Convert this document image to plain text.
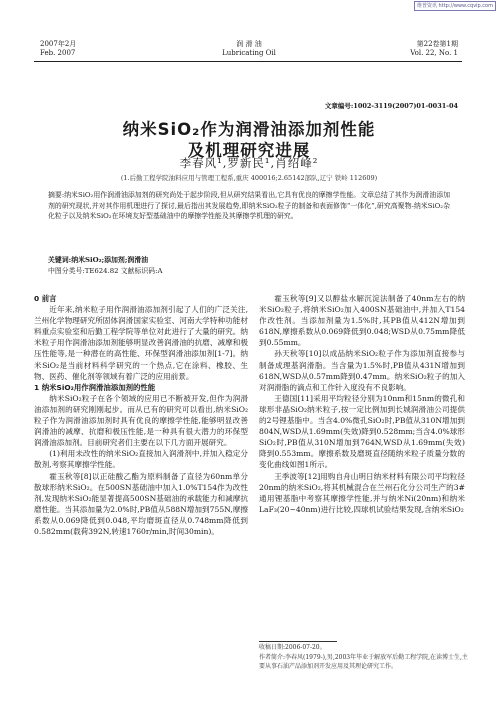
维普资讯 http://www.cqvip.com
2007年2月
Feb. 2007
润 滑 油
Lubricating Oil
第22卷第1期
Vol. 22, No. 1
文章编号:1002-3119(2007)01-0031-04
纳米SiO₂作为润滑油添加剂性能
及机理研究进展
李春风¹,罗新民¹,肖绍峰²
(1.后勤工程学院油料应用与管理工程系,重庆 400016;2.65142部队,辽宁 铁岭 112609)
摘要:纳米SiO₂用作润滑油添加剂的研究尚处于起步阶段,但从研究结果看出,它具有优良的摩擦学性能。文章总结了其作为润滑油添加剂的研究现状,并对其作用机理进行了探讨,最后指出其发展趋势,即纳米SiO₂粒子的制备和表面修饰“一体化”,研究高聚物-纳米SiO₂杂化粒子以及纳米SiO₂在环境友好型基础油中的摩擦学性能及其摩擦学机理的研究。
关键词:纳米SiO₂;添加剂;润滑油
中图分类号:TE624.82 文献标识码:A

0 前言

近年来,纳米粒子用作润滑油添加剂引起了人们的广泛关注,兰州化学物理研究所固体润滑国家实验室、河南大学特种功能材料重点实验室和后勤工程学院等单位对此进行了大量的研究。纳米粒子用作润滑油添加剂能够明显改善润滑油的抗磨、减摩和极压性能等,是一种潜在的高性能、环保型润滑油添加剂[1-7]。纳米SiO₂是当前材料科学研究的一个热点,它在涂料、橡胶、生物、医药、催化剂等领域有着广泛的应用前景。

1 纳米SiO₂用作润滑油添加剂的性能

纳米SiO₂粒子在各个领域的应用已不断被开发,但作为润滑油添加剂的研究刚刚起步。而从已有的研究可以看出,纳米SiO₂粒子作为润滑油添加剂时具有优良的摩擦学性能,能够明显改善润滑油的减摩、抗磨和极压性能,是一种具有很大潜力的环保型润滑油添加剂。目前研究者们主要在以下几方面开展研究。

(1)利用未改性的纳米SiO₂直接加入润滑剂中,并加入稳定分散剂,考察其摩擦学性能。

霍玉秋等[8]以正硅酸乙酯为原料制备了直径为60nm单分散球形纳米SiO₂。在500SN基础油中加入1.0%T154作为改性剂,发现纳米SiO₂能显著提高500SN基础油的承载能力和减摩抗磨性能。当其添加量为2.0%时,PB值从588N增加到755N,摩擦系数从0.069降低到0.048,平均磨斑直径从0.748mm降低到0.582mm(载荷392N,转速1760r/min,时间30min)。

霍玉秋等[9]又以醇盐水解沉淀法制备了40nm左右的纳米SiO₂粒子,将纳米SiO₂加入400SN基础油中,并加入T154作改性剂。当添加剂量为1.5%时,其PB值从412N增加到618N,摩擦系数从0.069降低到0.048;WSD从0.75mm降低到0.55mm。

孙天秋等[10]以成品纳米SiO₂粒子作为添加剂直接参与制备成理基润滑脂。当含量为1.5%时,PB值从431N增加到618N,WSD从0.57mm降到0.47mm。纳米SiO₂粒子的加入对润滑脂的滴点和工作针入度没有不良影响。

王德国[11]采用平均粒径分别为10nm和15nm的微孔和球形非晶SiO₂纳米粒子,按一定比例加到长城润滑油公司提供的2号锂基脂中。当含4.0%微孔SiO₂时,PB值从310N增加到804N,WSD从1.69mm(失效)降到0.528mm;当含4.0%球形SiO₂时,PB值从310N增加到764N,WSD从1.69mm(失效)降到0.553mm。摩擦系数及磨斑直径随纳米粒子质量分数的变化曲线如图1所示。

王季波等[12]用购自舟山明日纳米材料有限公司平均粒径20nm的纳米SiO₂,将其机械混合在兰州石化分公司生产的3#通用锂基脂中考察其摩擦学性能,并与纳米Ni(20nm)和纳米LaF₃(20~40nm)进行比较,四球机试验结果发现,含纳米SiO₂

收稿日期:2006-07-20。
作者简介:李春风(1979-),男,2003年毕业于解放军后勤工程学院,在读博士生,主要从事石油产品添加剂开发应用及其理论研究工作。
